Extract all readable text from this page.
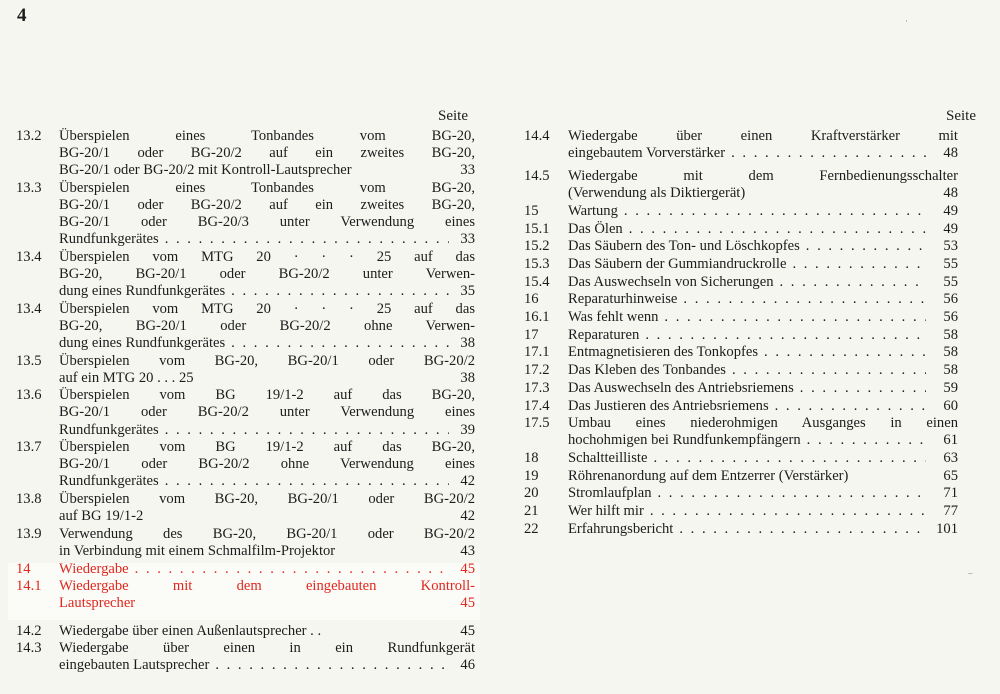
4
Seite	Seite
13.2	Überspielen eines Tonbandes vom BG-20,
BG-20/1 oder BG-20/2 auf ein zweites BG-20,
BG-20/1 oder BG-20/2 mit Kontroll-Lautsprecher	33
13.3	Überspielen eines Tonbandes vom BG-20,
BG-20/1 oder BG-20/2 auf ein zweites BG-20,
BG-20/1 oder BG-20/3 unter Verwendung eines
Rundfunkgerätes . . .	33
13.4	Überspielen vom MTG 20 · · · 25 auf das
BG-20, BG-20/1 oder BG-20/2 unter Verwen-
dung eines Rundfunkgerätes . . .	35
13.4	Überspielen vom MTG 20 · · · 25 auf das
BG-20, BG-20/1 oder BG-20/2 ohne Verwen-
dung eines Rundfunkgerätes . . .	38
13.5	Überspielen vom BG-20, BG-20/1 oder BG-20/2
auf ein MTG 20 . . . 25	38
13.6	Überspielen vom BG 19/1-2 auf das BG-20,
BG-20/1 oder BG-20/2 unter Verwendung eines
Rundfunkgerätes . . .	39
13.7	Überspielen vom BG 19/1-2 auf das BG-20,
BG-20/1 oder BG-20/2 ohne Verwendung eines
Rundfunkgerätes . . .	42
13.8	Überspielen vom BG-20, BG-20/1 oder BG-20/2
auf BG 19/1-2	42
13.9	Verwendung des BG-20, BG-20/1 oder BG-20/2
in Verbindung mit einem Schmalfilm-Projektor	43
14	Wiedergabe . . .	45
14.1	Wiedergabe mit dem eingebauten Kontroll-
Lautsprecher	45
14.2	Wiedergabe über einen Außenlautsprecher . .	45
14.3	Wiedergabe über einen in ein Rundfunkgerät
eingebauten Lautsprecher . . .	46
14.4	Wiedergabe über einen Kraftverstärker mit
eingebautem Vorverstärker . . .	48
14.5	Wiedergabe mit dem Fernbedienungsschalter
(Verwendung als Diktiergerät)	48
15	Wartung . . .	49
15.1	Das Ölen . . .	49
15.2	Das Säubern des Ton- und Löschkopfes . . .	53
15.3	Das Säubern der Gummiandruckrolle . . .	55
15.4	Das Auswechseln von Sicherungen . . .	55
16	Reparaturhinweise . . .	56
16.1	Was fehlt wenn . . .	56
17	Reparaturen . . .	58
17.1	Entmagnetisieren des Tonkopfes . . .	58
17.2	Das Kleben des Tonbandes . . .	58
17.3	Das Auswechseln des Antriebsriemens . . .	59
17.4	Das Justieren des Antriebsriemens . . .	60
17.5	Umbau eines niederohmigen Ausganges in einen
hochohmigen bei Rundfunkempfängern . . .	61
18	Schaltteilliste . . .	63
19	Röhrenanordung auf dem Entzerrer (Verstärker)	65
20	Stromlaufplan . . .	71
21	Wer hilft mir . . .	77
22	Erfahrungsbericht . . .	101
·
–
